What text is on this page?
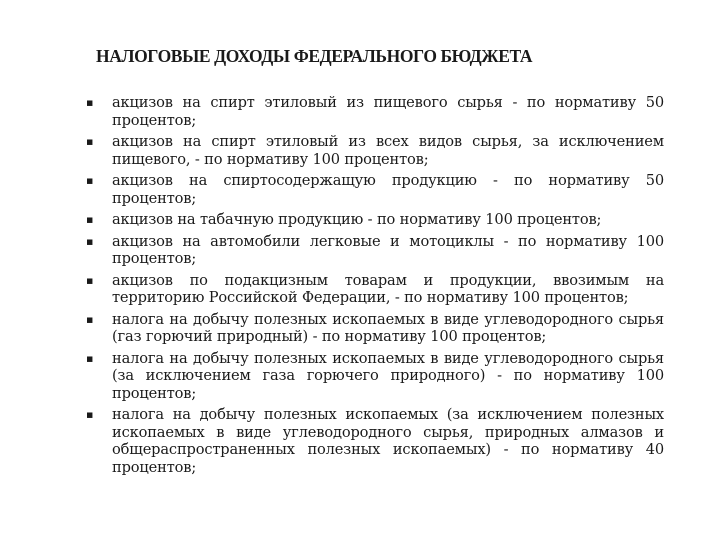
НАЛОГОВЫЕ ДОХОДЫ ФЕДЕРАЛЬНОГО БЮДЖЕТА
▪ акцизов на спирт этиловый из пищевого сырья - по нормативу 50 процентов;
▪ акцизов на спирт этиловый из всех видов сырья, за исключением пищевого, - по нормативу 100 процентов;
▪ акцизов на спиртосодержащую продукцию - по нормативу 50 процентов;
▪ акцизов на табачную продукцию - по нормативу 100 процентов;
▪ акцизов на автомобили легковые и мотоциклы - по нормативу 100 процентов;
▪ акцизов по подакцизным товарам и продукции, ввозимым на территорию Российской Федерации, - по нормативу 100 процентов;
▪ налога на добычу полезных ископаемых в виде углеводородного сырья (газ горючий природный) - по нормативу 100 процентов;
▪ налога на добычу полезных ископаемых в виде углеводородного сырья (за исключением газа горючего природного) - по нормативу 100 процентов;
▪ налога на добычу полезных ископаемых (за исключением полезных ископаемых в виде углеводородного сырья, природных алмазов и общераспространенных полезных ископаемых) - по нормативу 40 процентов;
